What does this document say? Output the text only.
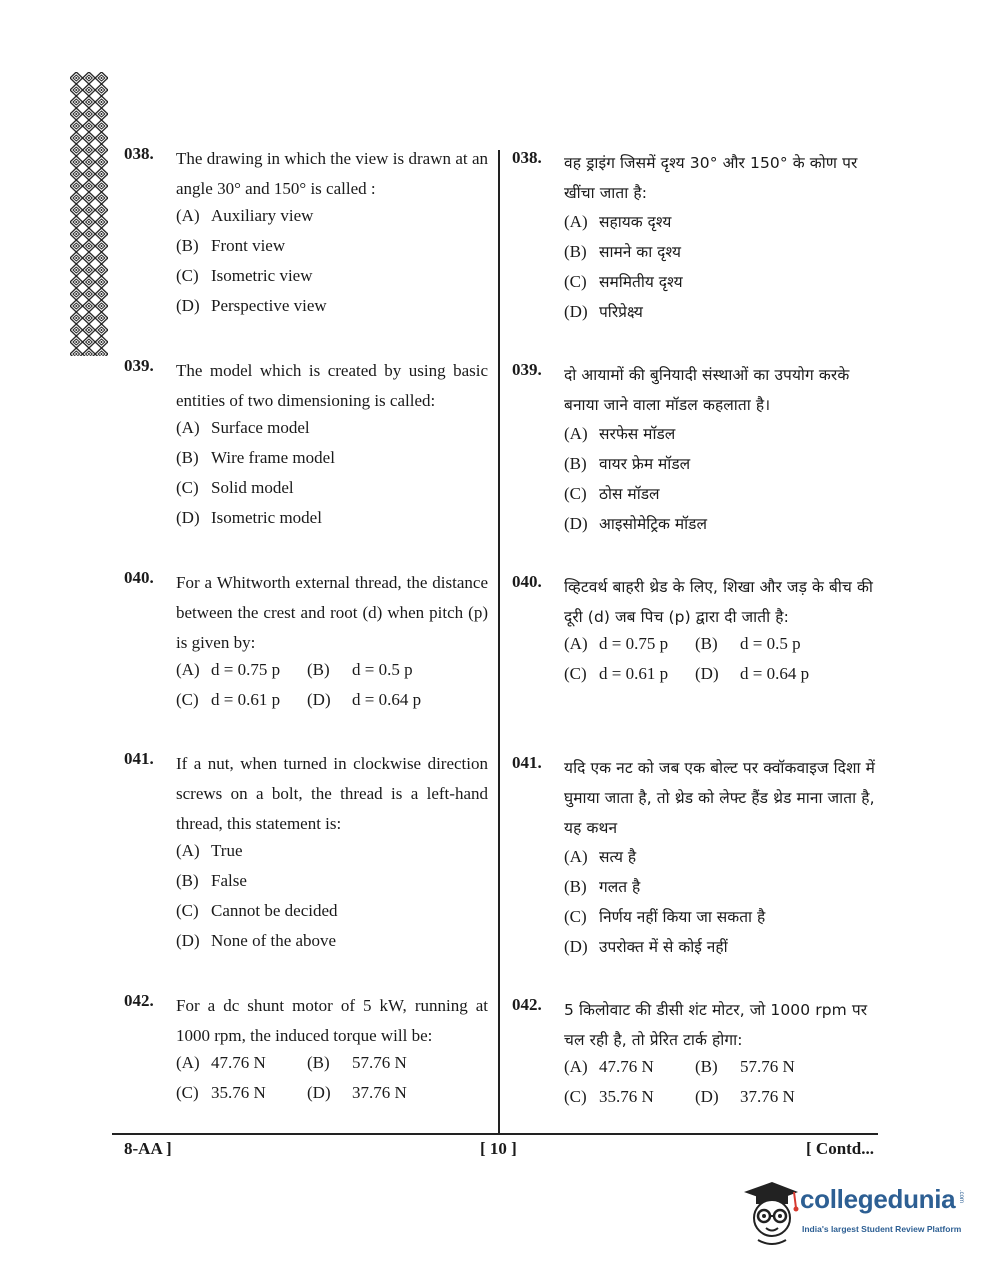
038. The drawing in which the view is drawn at an angle 30° and 150° is called :
(A) Auxiliary view
(B) Front view
(C) Isometric view
(D) Perspective view
039. The model which is created by using basic entities of two dimensioning is called:
(A) Surface model
(B) Wire frame model
(C) Solid model
(D) Isometric model
040. For a Whitworth external thread, the distance between the crest and root (d) when pitch (p) is given by:
(A) d = 0.75 p (B) d = 0.5 p
(C) d = 0.61 p (D) d = 0.64 p
041. If a nut, when turned in clockwise direction screws on a bolt, the thread is a left-hand thread, this statement is:
(A) True
(B) False
(C) Cannot be decided
(D) None of the above
042. For a dc shunt motor of 5 kW, running at 1000 rpm, the induced torque will be:
(A) 47.76 N (B) 57.76 N
(C) 35.76 N (D) 37.76 N
038. वह ड्राइंग जिसमें दृश्य 30° और 150° के कोण पर खींचा जाता है:
(A) सहायक दृश्य
(B) सामने का दृश्य
(C) सममितीय दृश्य
(D) परिप्रेक्ष्य
039. दो आयामों की बुनियादी संस्थाओं का उपयोग करके बनाया जाने वाला मॉडल कहलाता है।
(A) सरफेस मॉडल
(B) वायर फ्रेम मॉडल
(C) ठोस मॉडल
(D) आइसोमेट्रिक मॉडल
040. व्हिटवर्थ बाहरी थ्रेड के लिए, शिखा और जड़ के बीच की दूरी (d) जब पिच (p) द्वारा दी जाती है:
(A) d = 0.75 p (B) d = 0.5 p
(C) d = 0.61 p (D) d = 0.64 p
041. यदि एक नट को जब एक बोल्ट पर क्वॉकवाइज दिशा में घुमाया जाता है, तो थ्रेड को लेफ्ट हैंड थ्रेड माना जाता है, यह कथन
(A) सत्य है
(B) गलत है
(C) निर्णय नहीं किया जा सकता है
(D) उपरोक्त में से कोई नहीं
042. 5 किलोवाट की डीसी शंट मोटर, जो 1000 rpm पर चल रही है, तो प्रेरित टार्क होगा:
(A) 47.76 N (B) 57.76 N
(C) 35.76 N (D) 37.76 N
8-AA ]	[ 10 ]	[ Contd...
collegedunia .com
India's largest Student Review Platform
